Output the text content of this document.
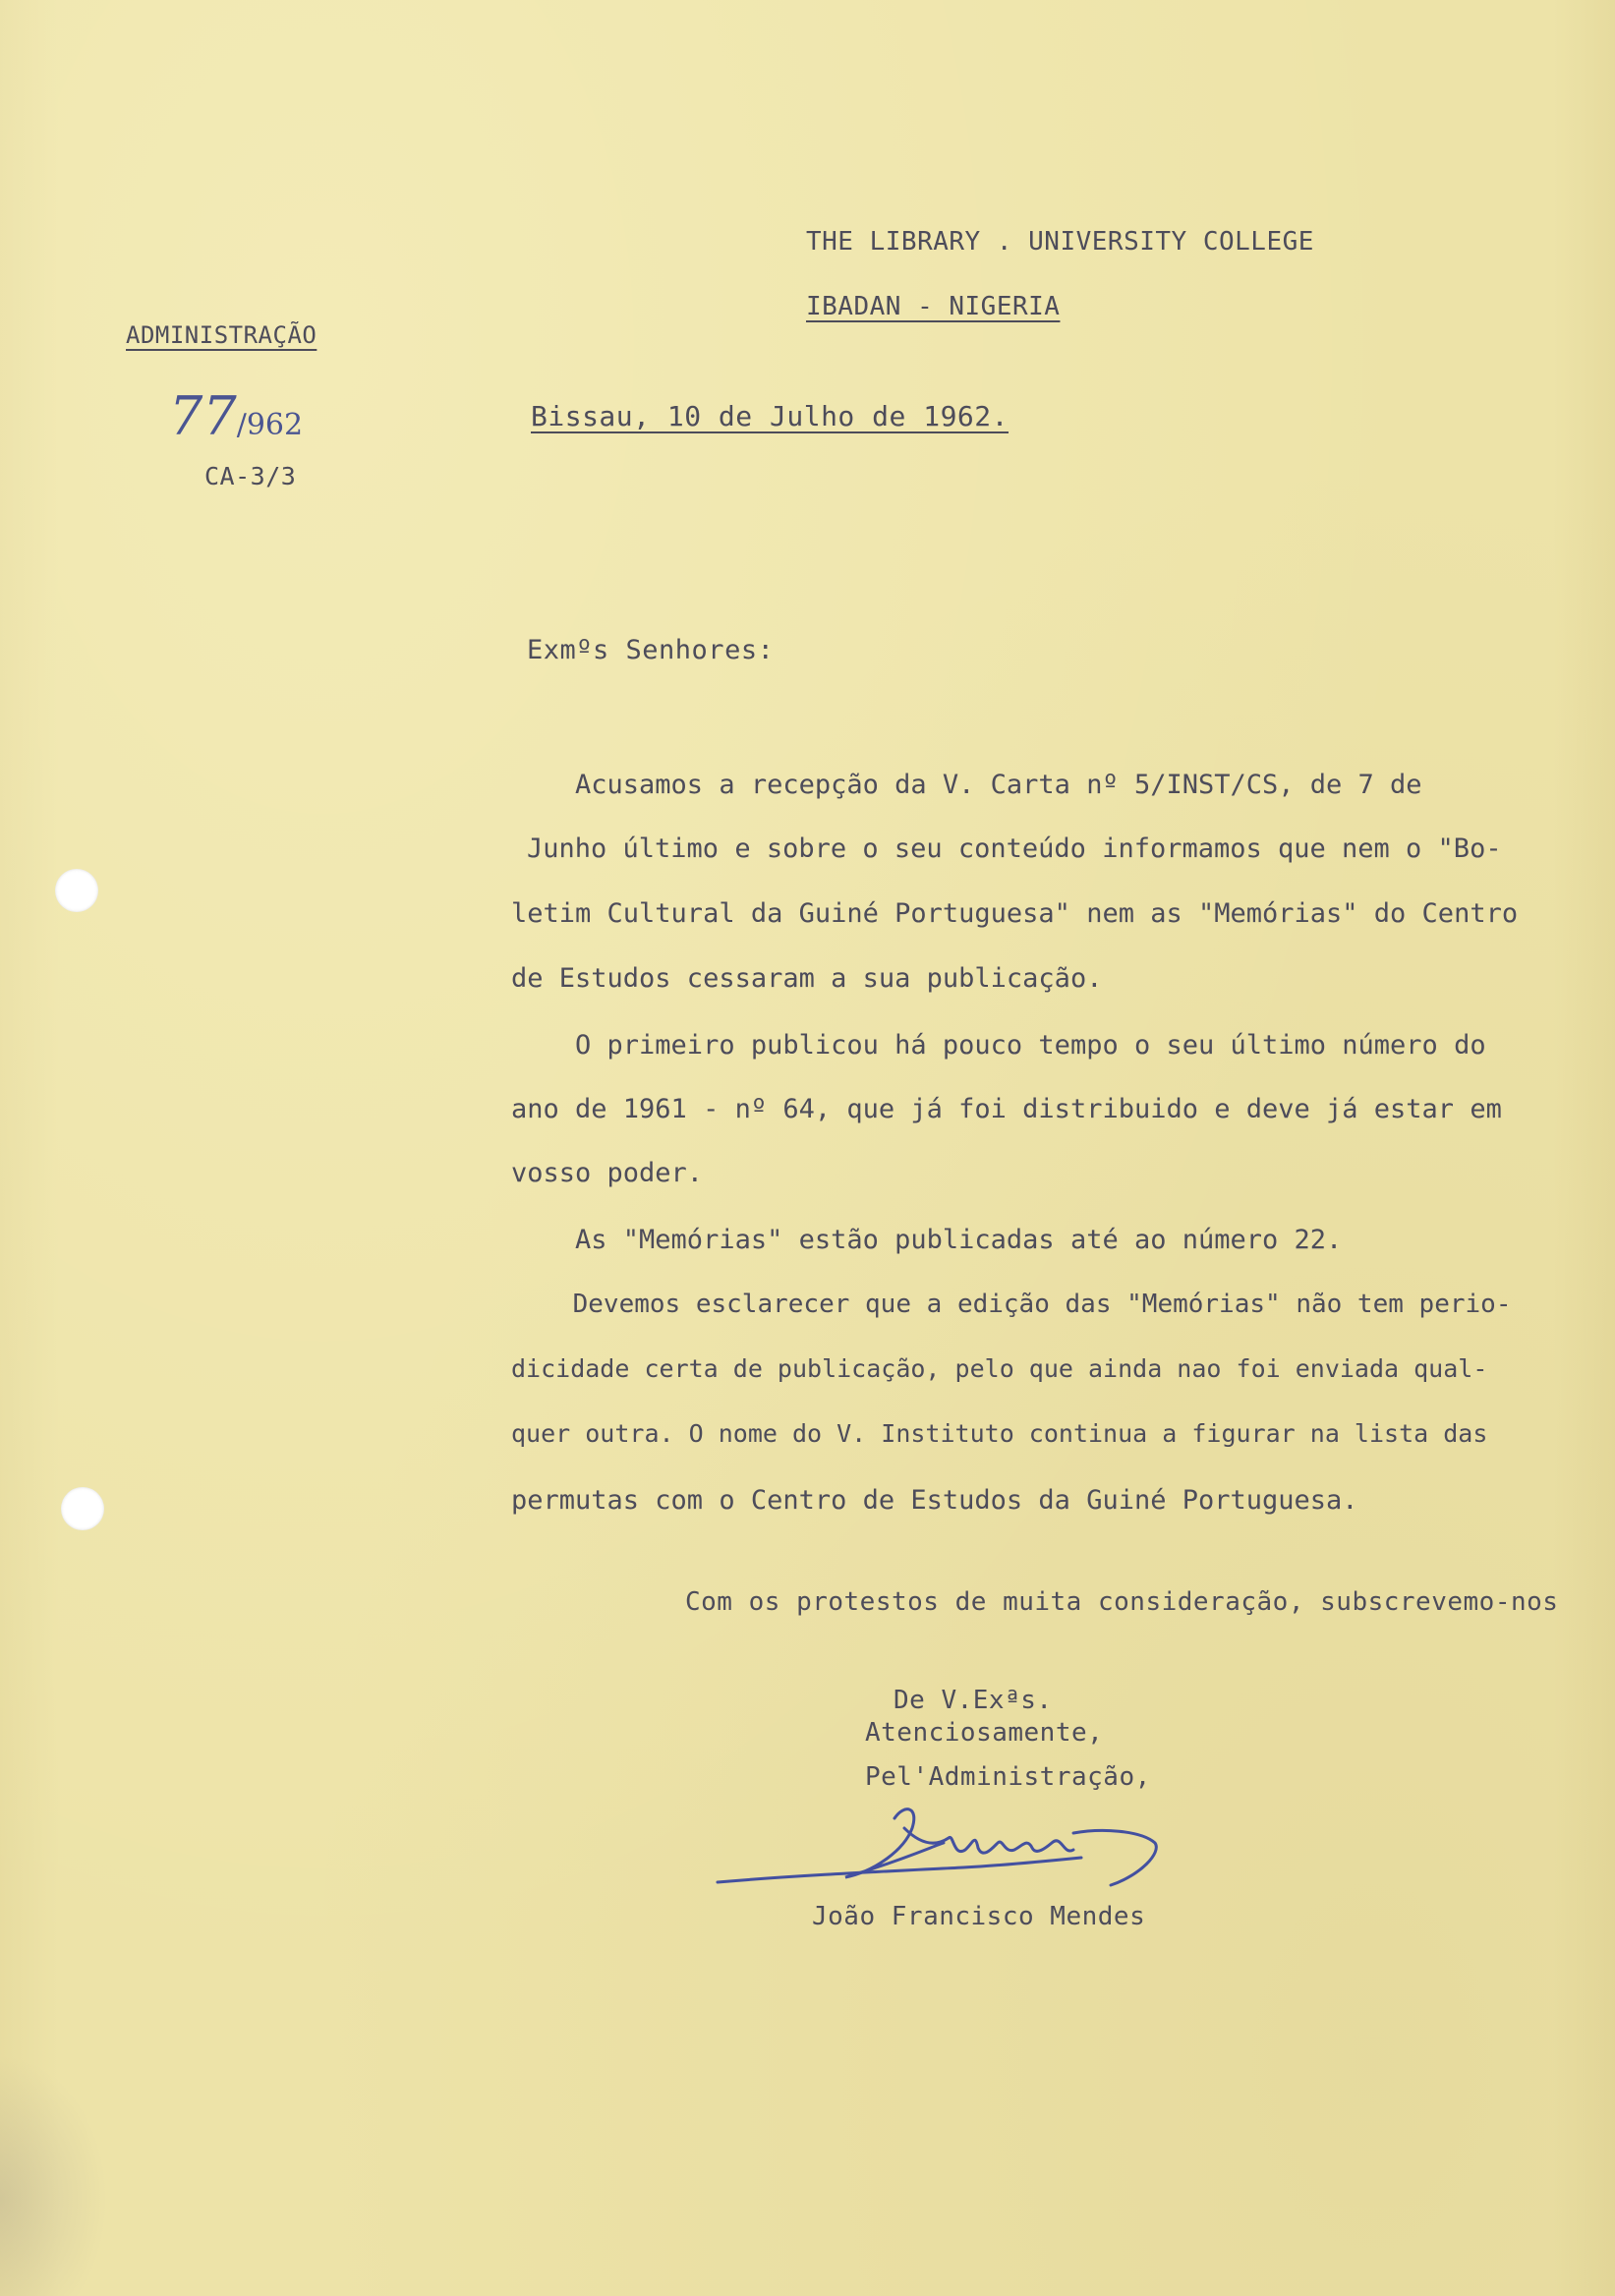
THE LIBRARY . UNIVERSITY COLLEGE
IBADAN - NIGERIA
ADMINISTRAÇÃO
77/962
CA-3/3
Bissau, 10 de Julho de 1962.
Exmºs Senhores:
Acusamos a recepção da V. Carta nº 5/INST/CS, de 7 de
Junho último e sobre o seu conteúdo informamos que nem o "Bo-
letim Cultural da Guiné Portuguesa" nem as "Memórias" do Centro
de Estudos cessaram a sua publicação.
O primeiro publicou há pouco tempo o seu último número do
ano de 1961 - nº 64, que já foi distribuido e deve já estar em
vosso poder.
As "Memórias" estão publicadas até ao número 22.
Devemos esclarecer que a edição das "Memórias" não tem perio-
dicidade certa de publicação, pelo que ainda nao foi enviada qual-
quer outra. O nome do V. Instituto continua a figurar na lista das
permutas com o Centro de Estudos da Guiné Portuguesa.
Com os protestos de muita consideração, subscrevemo-nos
De V.Exªs.
Atenciosamente,
Pel'Administração,
João Francisco Mendes
